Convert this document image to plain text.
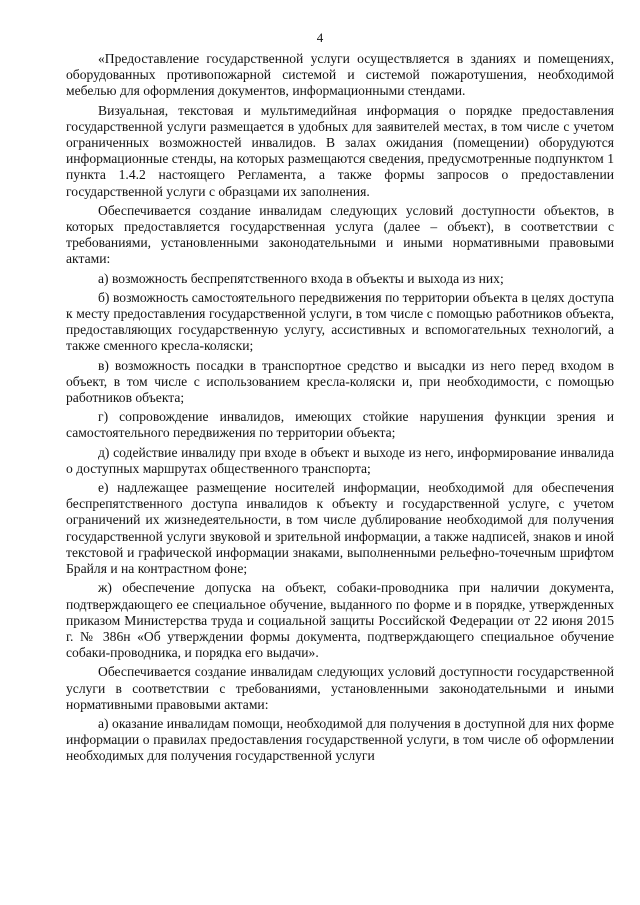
4

«Предоставление государственной услуги осуществляется в зданиях и помещениях, оборудованных противопожарной системой и системой пожаротушения, необходимой мебелью для оформления документов, информационными стендами.

Визуальная, текстовая и мультимедийная информация о порядке предоставления государственной услуги размещается в удобных для заявителей местах, в том числе с учетом ограниченных возможностей инвалидов. В залах ожидания (помещении) оборудуются информационные стенды, на которых размещаются сведения, предусмотренные подпунктом 1 пункта 1.4.2 настоящего Регламента, а также формы запросов о предоставлении государственной услуги с образцами их заполнения.

Обеспечивается создание инвалидам следующих условий доступности объектов, в которых предоставляется государственная услуга (далее – объект), в соответствии с требованиями, установленными законодательными и иными нормативными правовыми актами:

а) возможность беспрепятственного входа в объекты и выхода из них;

б) возможность самостоятельного передвижения по территории объекта в целях доступа к месту предоставления государственной услуги, в том числе с помощью работников объекта, предоставляющих государственную услугу, ассистивных и вспомогательных технологий, а также сменного кресла-коляски;

в) возможность посадки в транспортное средство и высадки из него перед входом в объект, в том числе с использованием кресла-коляски и, при необходимости, с помощью работников объекта;

г) сопровождение инвалидов, имеющих стойкие нарушения функции зрения и самостоятельного передвижения по территории объекта;

д) содействие инвалиду при входе в объект и выходе из него, информирование инвалида о доступных маршрутах общественного транспорта;

е) надлежащее размещение носителей информации, необходимой для обеспечения беспрепятственного доступа инвалидов к объекту и государственной услуге, с учетом ограничений их жизнедеятельности, в том числе дублирование необходимой для получения государственной услуги звуковой и зрительной информации, а также надписей, знаков и иной текстовой и графической информации знаками, выполненными рельефно-точечным шрифтом Брайля и на контрастном фоне;

ж) обеспечение допуска на объект, собаки-проводника при наличии документа, подтверждающего ее специальное обучение, выданного по форме и в порядке, утвержденных приказом Министерства труда и социальной защиты Российской Федерации от 22 июня 2015 г. № 386н «Об утверждении формы документа, подтверждающего специальное обучение собаки-проводника, и порядка его выдачи».

Обеспечивается создание инвалидам следующих условий доступности государственной услуги в соответствии с требованиями, установленными законодательными и иными нормативными правовыми актами:

а) оказание инвалидам помощи, необходимой для получения в доступной для них форме информации о правилах предоставления государственной услуги, в том числе об оформлении необходимых для получения государственной услуги
